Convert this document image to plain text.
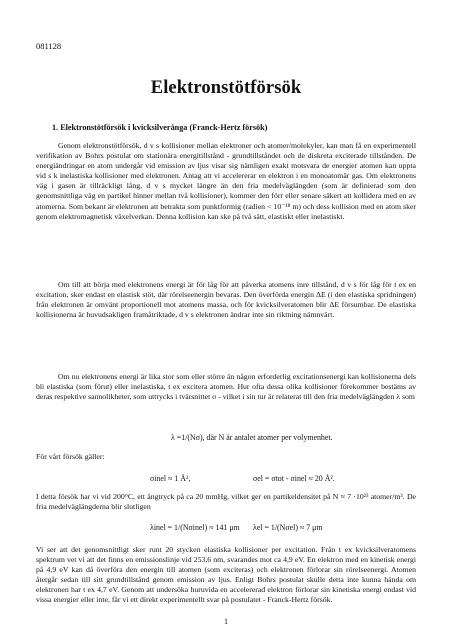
081128
Elektronstötförsök
1. Elektronstötförsök i kvicksilverånga (Franck-Hertz försök)

Genom elektronstötförsök, d v s kollisioner mellan elektroner och atomer/molekyler, kan man få en experimentell verifikation av Bohrs postulat om stationära energitillstånd - grundtillståndet och de diskreta exciterade tillstånden. De energiändringar en atom undergår vid emission av ljus visar sig nämligen exakt motsvara de energier atomen kan uppta vid s k inelastiska kollisioner med elektronen. Antag att vi accelererar en elektron i en monoatomär gas. Om elektronens väg i gasen är tillräckligt lång, d v s mycket längre än den fria medelväglängden (som är definierad som den genomsnittliga väg en partikel hinner mellan två kollisioner), kommer den förr eller senare säkert att kollidera med en av atomerna. Som bekant är elektronen att betrakta som punktformig (radien < 10⁻¹⁸ m) och dess kollision med en atom sker genom elektromagnetisk växelverkan. Denna kollision kan ske på två sätt, elastiskt eller inelastiskt.

Om till att börja med elektronens energi är för låg för att påverka atomens inre tillstånd, d v s för låg för t ex en excitation, sker endast en elastisk stöt, där rörelseenergin bevaras. Den överförda energin ΔE (i den elastiska spridningen) från elektronen är omvänt proportionell mot atomens massa, och för kvicksilveratomen blir ΔE försumbar. De elastiska kollisionerna är huvudsakligen framåtriktade, d v s elektronen ändrar inte sin riktning nämnvärt.

Om nu elektronens energi är lika stor som eller större än någon erforderlig excitationsenergi kan kollisionerna dels bli elastiska (som förut) eller inelastiska, t ex excitera atomen. Hur ofta dessa olika kollisioner förekommer bestäms av deras respektive sannolikheter, som uttrycks i tvärsnittet σ - vilket i sin tur är relaterat till den fria medelväglängden λ som

λ =1/(Nσ), där N är antalet atomer per volymenhet.
För vårt försök gäller:
σinel ≈ 1 Å²,	σel = σtot - σinel ≈ 20 Å².

I detta försök har vi vid 200°C, ett ångtryck på ca 20 mmHg, vilket ger en partikeldensitet på N ≈ 7 ·10²³ atomer/m³. De fria medelväglängderna blir slutligen

λinel = 1/(Nσinel) ≈ 141 μm λel = 1/(Nσel) ≈ 7 μm

Vi ser att det genomsnittligt sker runt 20 stycken elastiska kollisioner per excitation. Från t ex kvicksilveratomens spektrum vet vi att det finns en emissionslinje vid 253,6 nm, svarandes mot ca 4,9 eV. En elektron med en kinetisk energi på 4,9 eV kan då överföra den energin till atomen (som exciteras) och elektronen förlorar sin rörelseenergi. Atomen återgår sedan till sitt grundtillstånd genom emission av ljus. Enligt Bohrs postulat skulle detta inte kunna hända om elektronen har t ex 4,7 eV. Genom att undersöka huruvida en accelererad elektron förlorar sin kinetiska energi endast vid vissa energier eller inte, får vi ett direkt experimentellt svar på postulatet - Franck-Hertz försök.

1
